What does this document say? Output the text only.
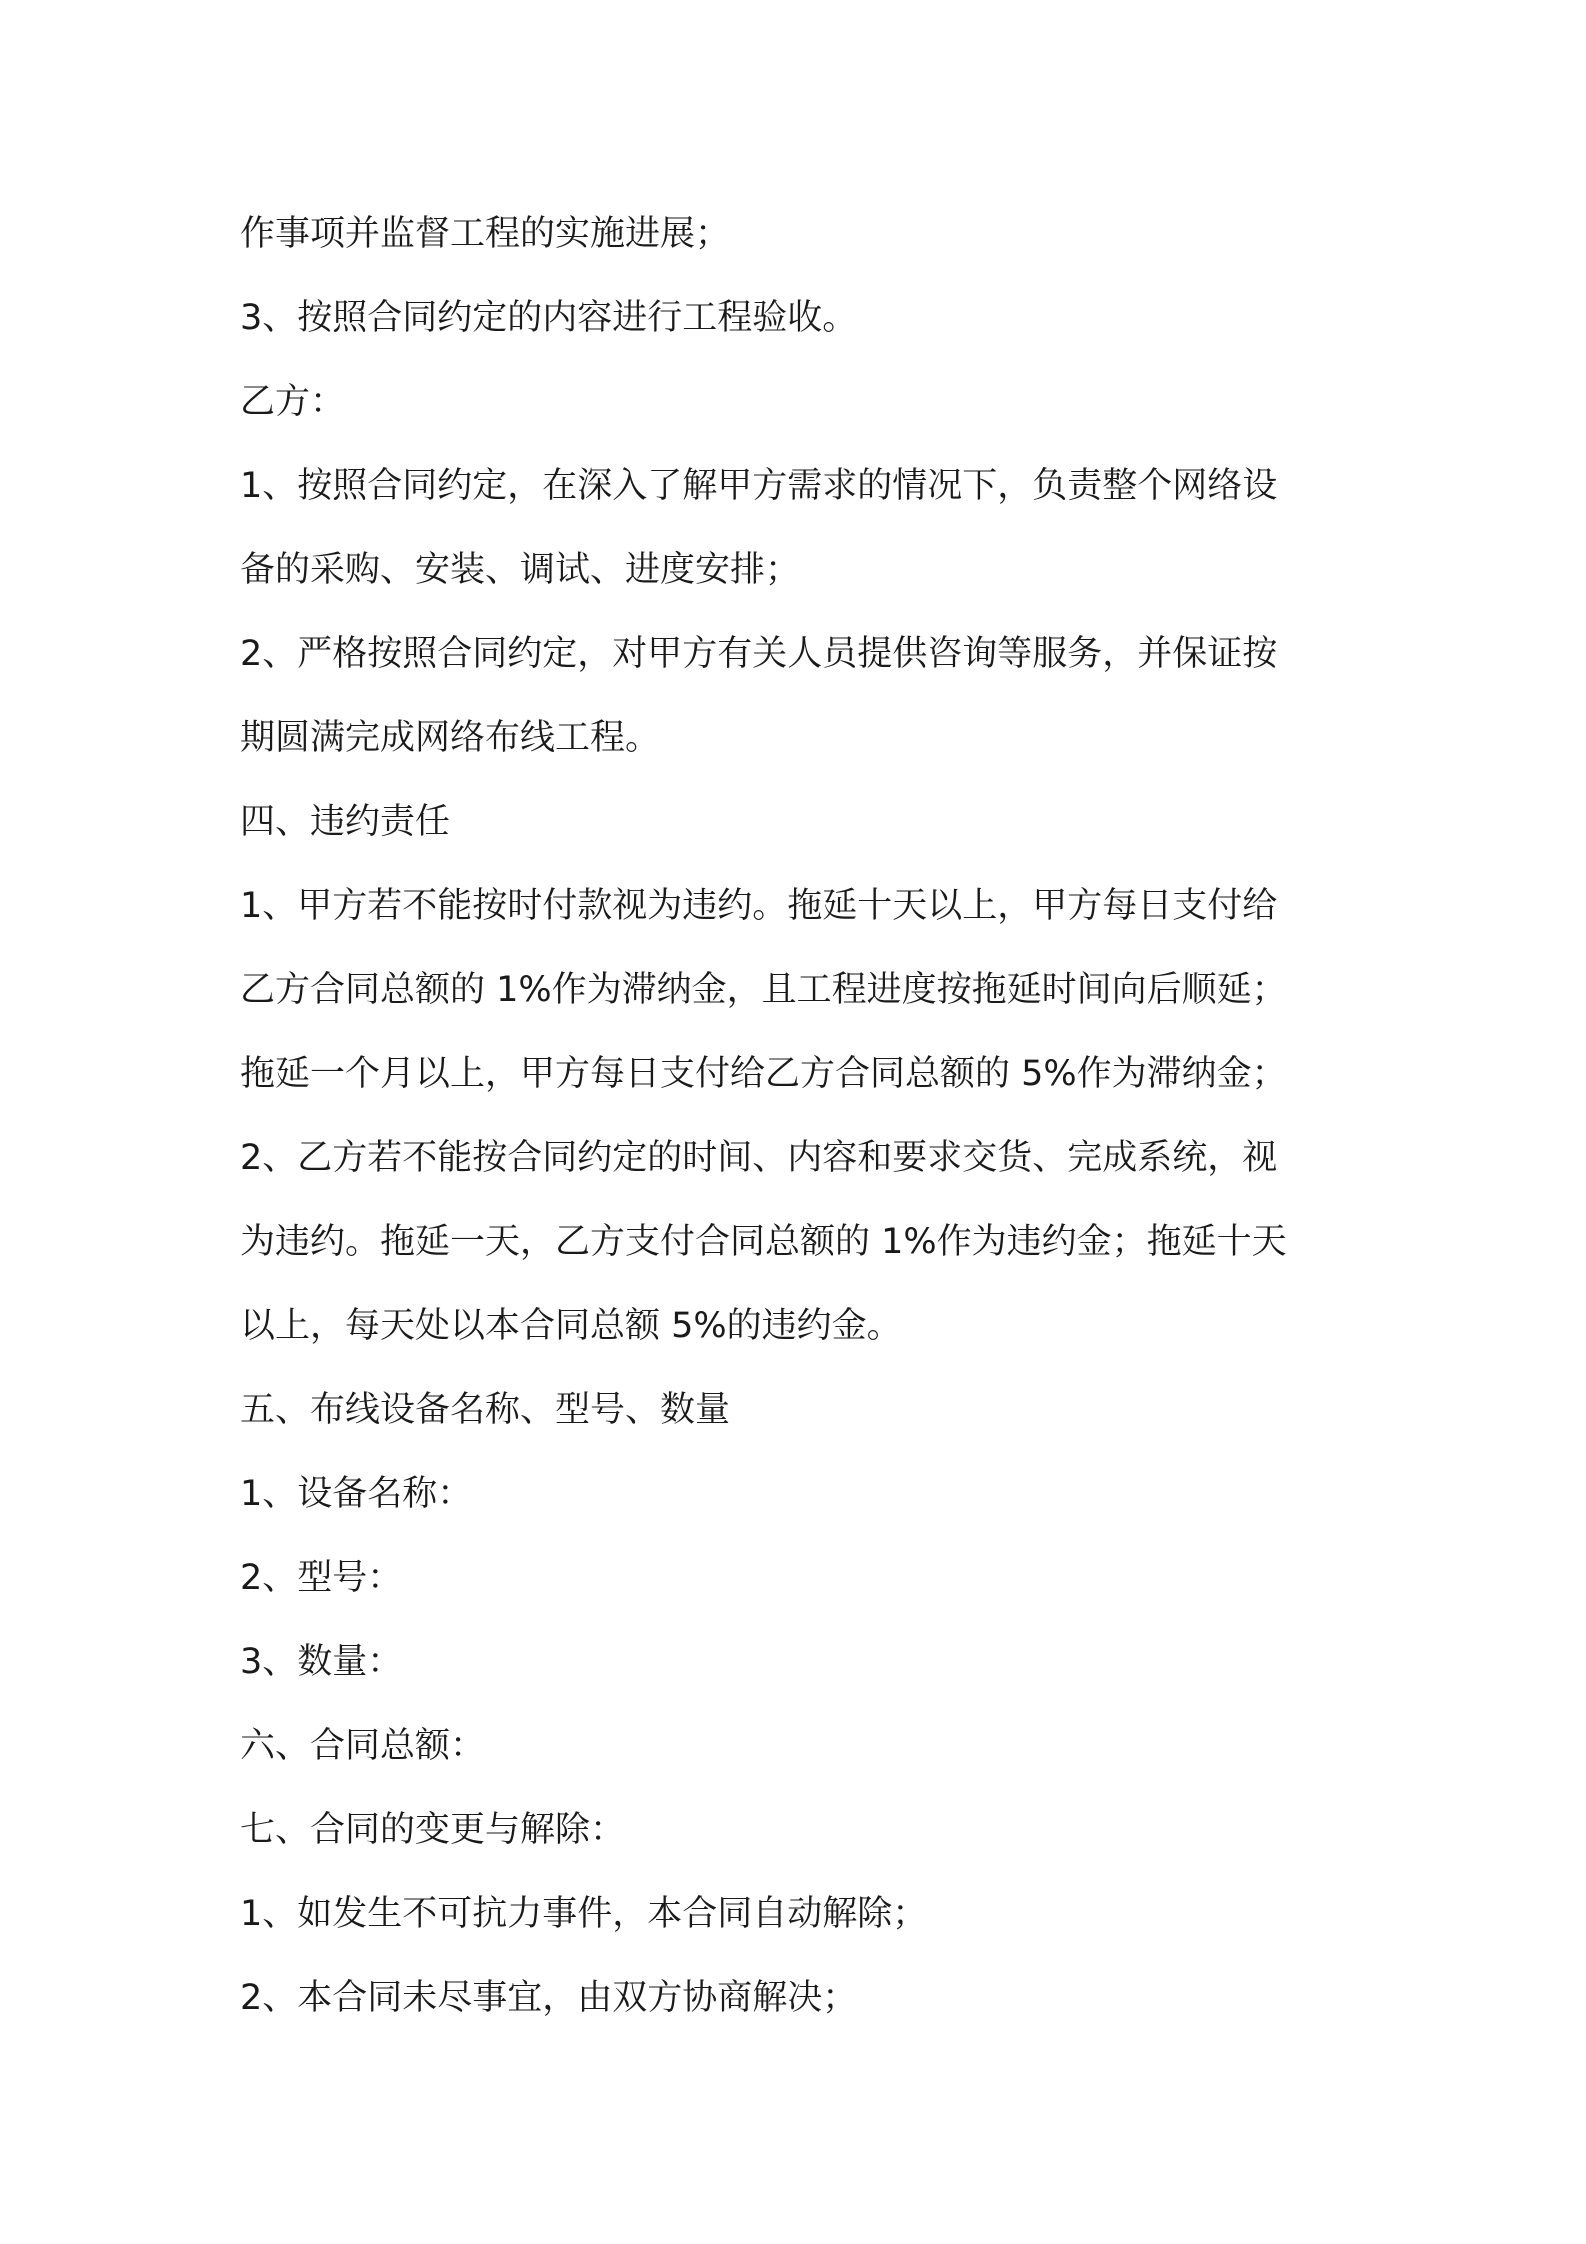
作事项并监督工程的实施进展；
3、按照合同约定的内容进行工程验收。
乙方：
1、按照合同约定，在深入了解甲方需求的情况下，负责整个网络设
备的采购、安装、调试、进度安排；
2、严格按照合同约定，对甲方有关人员提供咨询等服务，并保证按
期圆满完成网络布线工程。
四、违约责任
1、甲方若不能按时付款视为违约。拖延十天以上，甲方每日支付给
乙方合同总额的 1%作为滞纳金，且工程进度按拖延时间向后顺延；
拖延一个月以上，甲方每日支付给乙方合同总额的 5%作为滞纳金；
2、乙方若不能按合同约定的时间、内容和要求交货、完成系统，视
为违约。拖延一天，乙方支付合同总额的 1%作为违约金；拖延十天
以上，每天处以本合同总额 5%的违约金。
五、布线设备名称、型号、数量
1、设备名称：
2、型号：
3、数量：
六、合同总额：
七、合同的变更与解除：
1、如发生不可抗力事件，本合同自动解除；
2、本合同未尽事宜，由双方协商解决；
